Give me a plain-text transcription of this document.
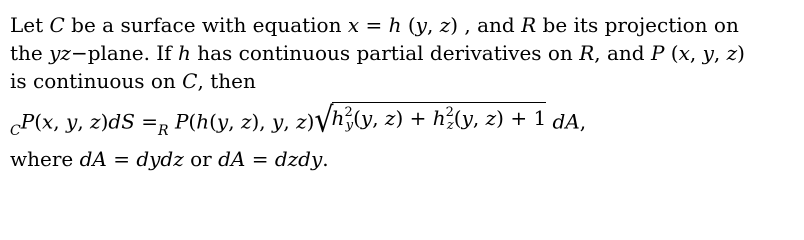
Let C be a surface with equation x = h (y, z) , and R be its projection on
the yz−plane. If h has continuous partial derivatives on R, and P (x, y, z)
is continuous on C, then
$_C$P(x, y, $z)dS =_R$ P(h(y, z), y, $z)√h^2_y(y$, $z) + h^2_z(y$, z) + 1 dA,
where dA = dydz or dA = dzdy.
